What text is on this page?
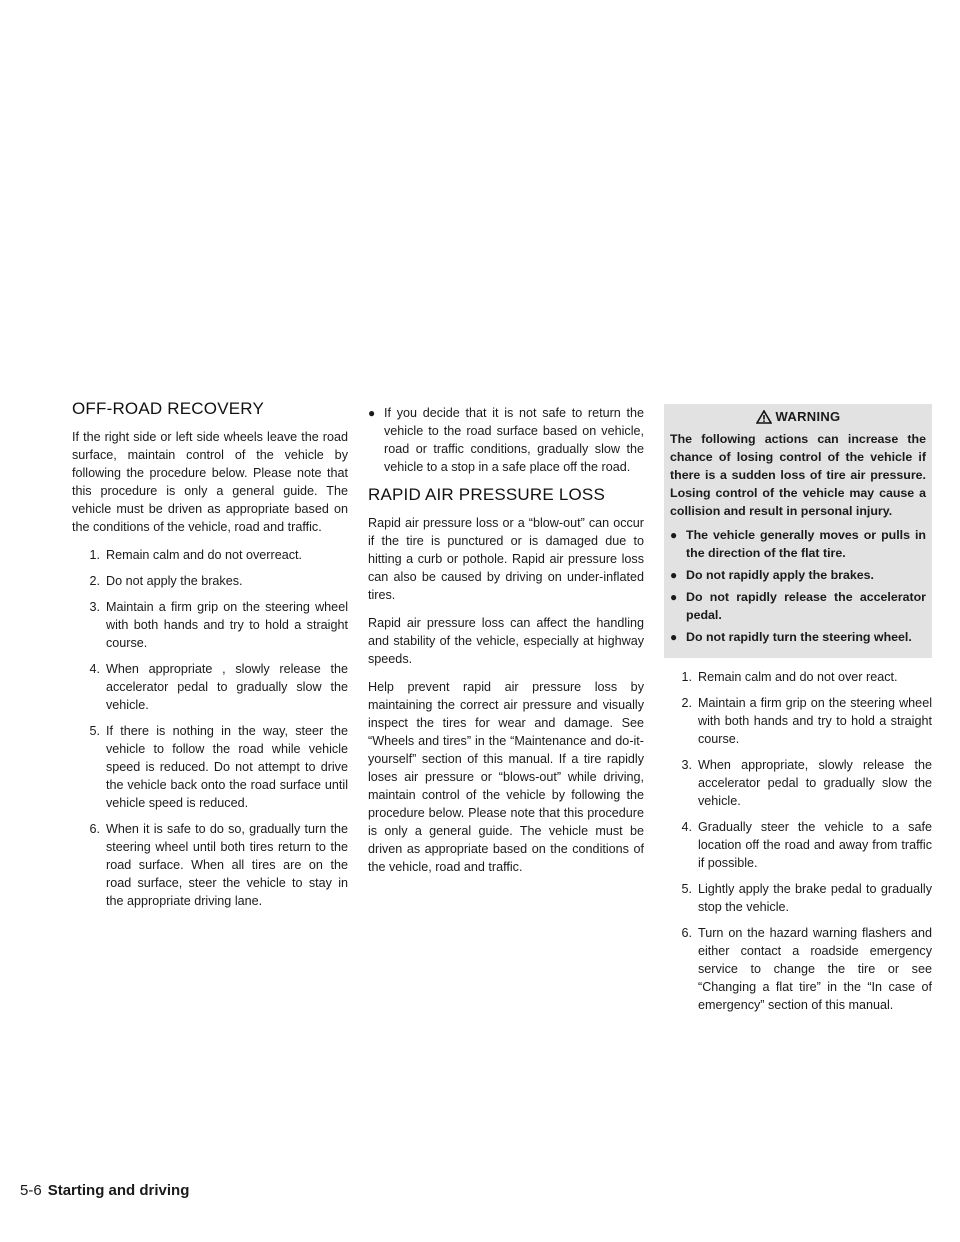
OFF-ROAD RECOVERY

If the right side or left side wheels leave the road surface, maintain control of the vehicle by following the procedure below. Please note that this procedure is only a general guide. The vehicle must be driven as appropriate based on the conditions of the vehicle, road and traffic.

1. Remain calm and do not overreact.
2. Do not apply the brakes.
3. Maintain a firm grip on the steering wheel with both hands and try to hold a straight course.
4. When appropriate , slowly release the accelerator pedal to gradually slow the vehicle.
5. If there is nothing in the way, steer the vehicle to follow the road while vehicle speed is reduced. Do not attempt to drive the vehicle back onto the road surface until vehicle speed is reduced.
6. When it is safe to do so, gradually turn the steering wheel until both tires return to the road surface. When all tires are on the road surface, steer the vehicle to stay in the appropriate driving lane.
● If you decide that it is not safe to return the vehicle to the road surface based on vehicle, road or traffic conditions, gradually slow the vehicle to a stop in a safe place off the road.
RAPID AIR PRESSURE LOSS

Rapid air pressure loss or a “blow-out” can occur if the tire is punctured or is damaged due to hitting a curb or pothole. Rapid air pressure loss can also be caused by driving on under-inflated tires.

Rapid air pressure loss can affect the handling and stability of the vehicle, especially at highway speeds.

Help prevent rapid air pressure loss by maintaining the correct air pressure and visually inspect the tires for wear and damage. See “Wheels and tires” in the “Maintenance and do-it-yourself” section of this manual. If a tire rapidly loses air pressure or “blows-out” while driving, maintain control of the vehicle by following the procedure below. Please note that this procedure is only a general guide. The vehicle must be driven as appropriate based on the conditions of the vehicle, road and traffic.

WARNING

The following actions can increase the chance of losing control of the vehicle if there is a sudden loss of tire air pressure. Losing control of the vehicle may cause a collision and result in personal injury.

● The vehicle generally moves or pulls in the direction of the flat tire.
● Do not rapidly apply the brakes.
● Do not rapidly release the accelerator pedal.
● Do not rapidly turn the steering wheel.
1. Remain calm and do not over react.
2. Maintain a firm grip on the steering wheel with both hands and try to hold a straight course.
3. When appropriate, slowly release the accelerator pedal to gradually slow the vehicle.
4. Gradually steer the vehicle to a safe location off the road and away from traffic if possible.
5. Lightly apply the brake pedal to gradually stop the vehicle.
6. Turn on the hazard warning flashers and either contact a roadside emergency service to change the tire or see “Changing a flat tire” in the “In case of emergency” section of this manual.
5-6 Starting and driving
